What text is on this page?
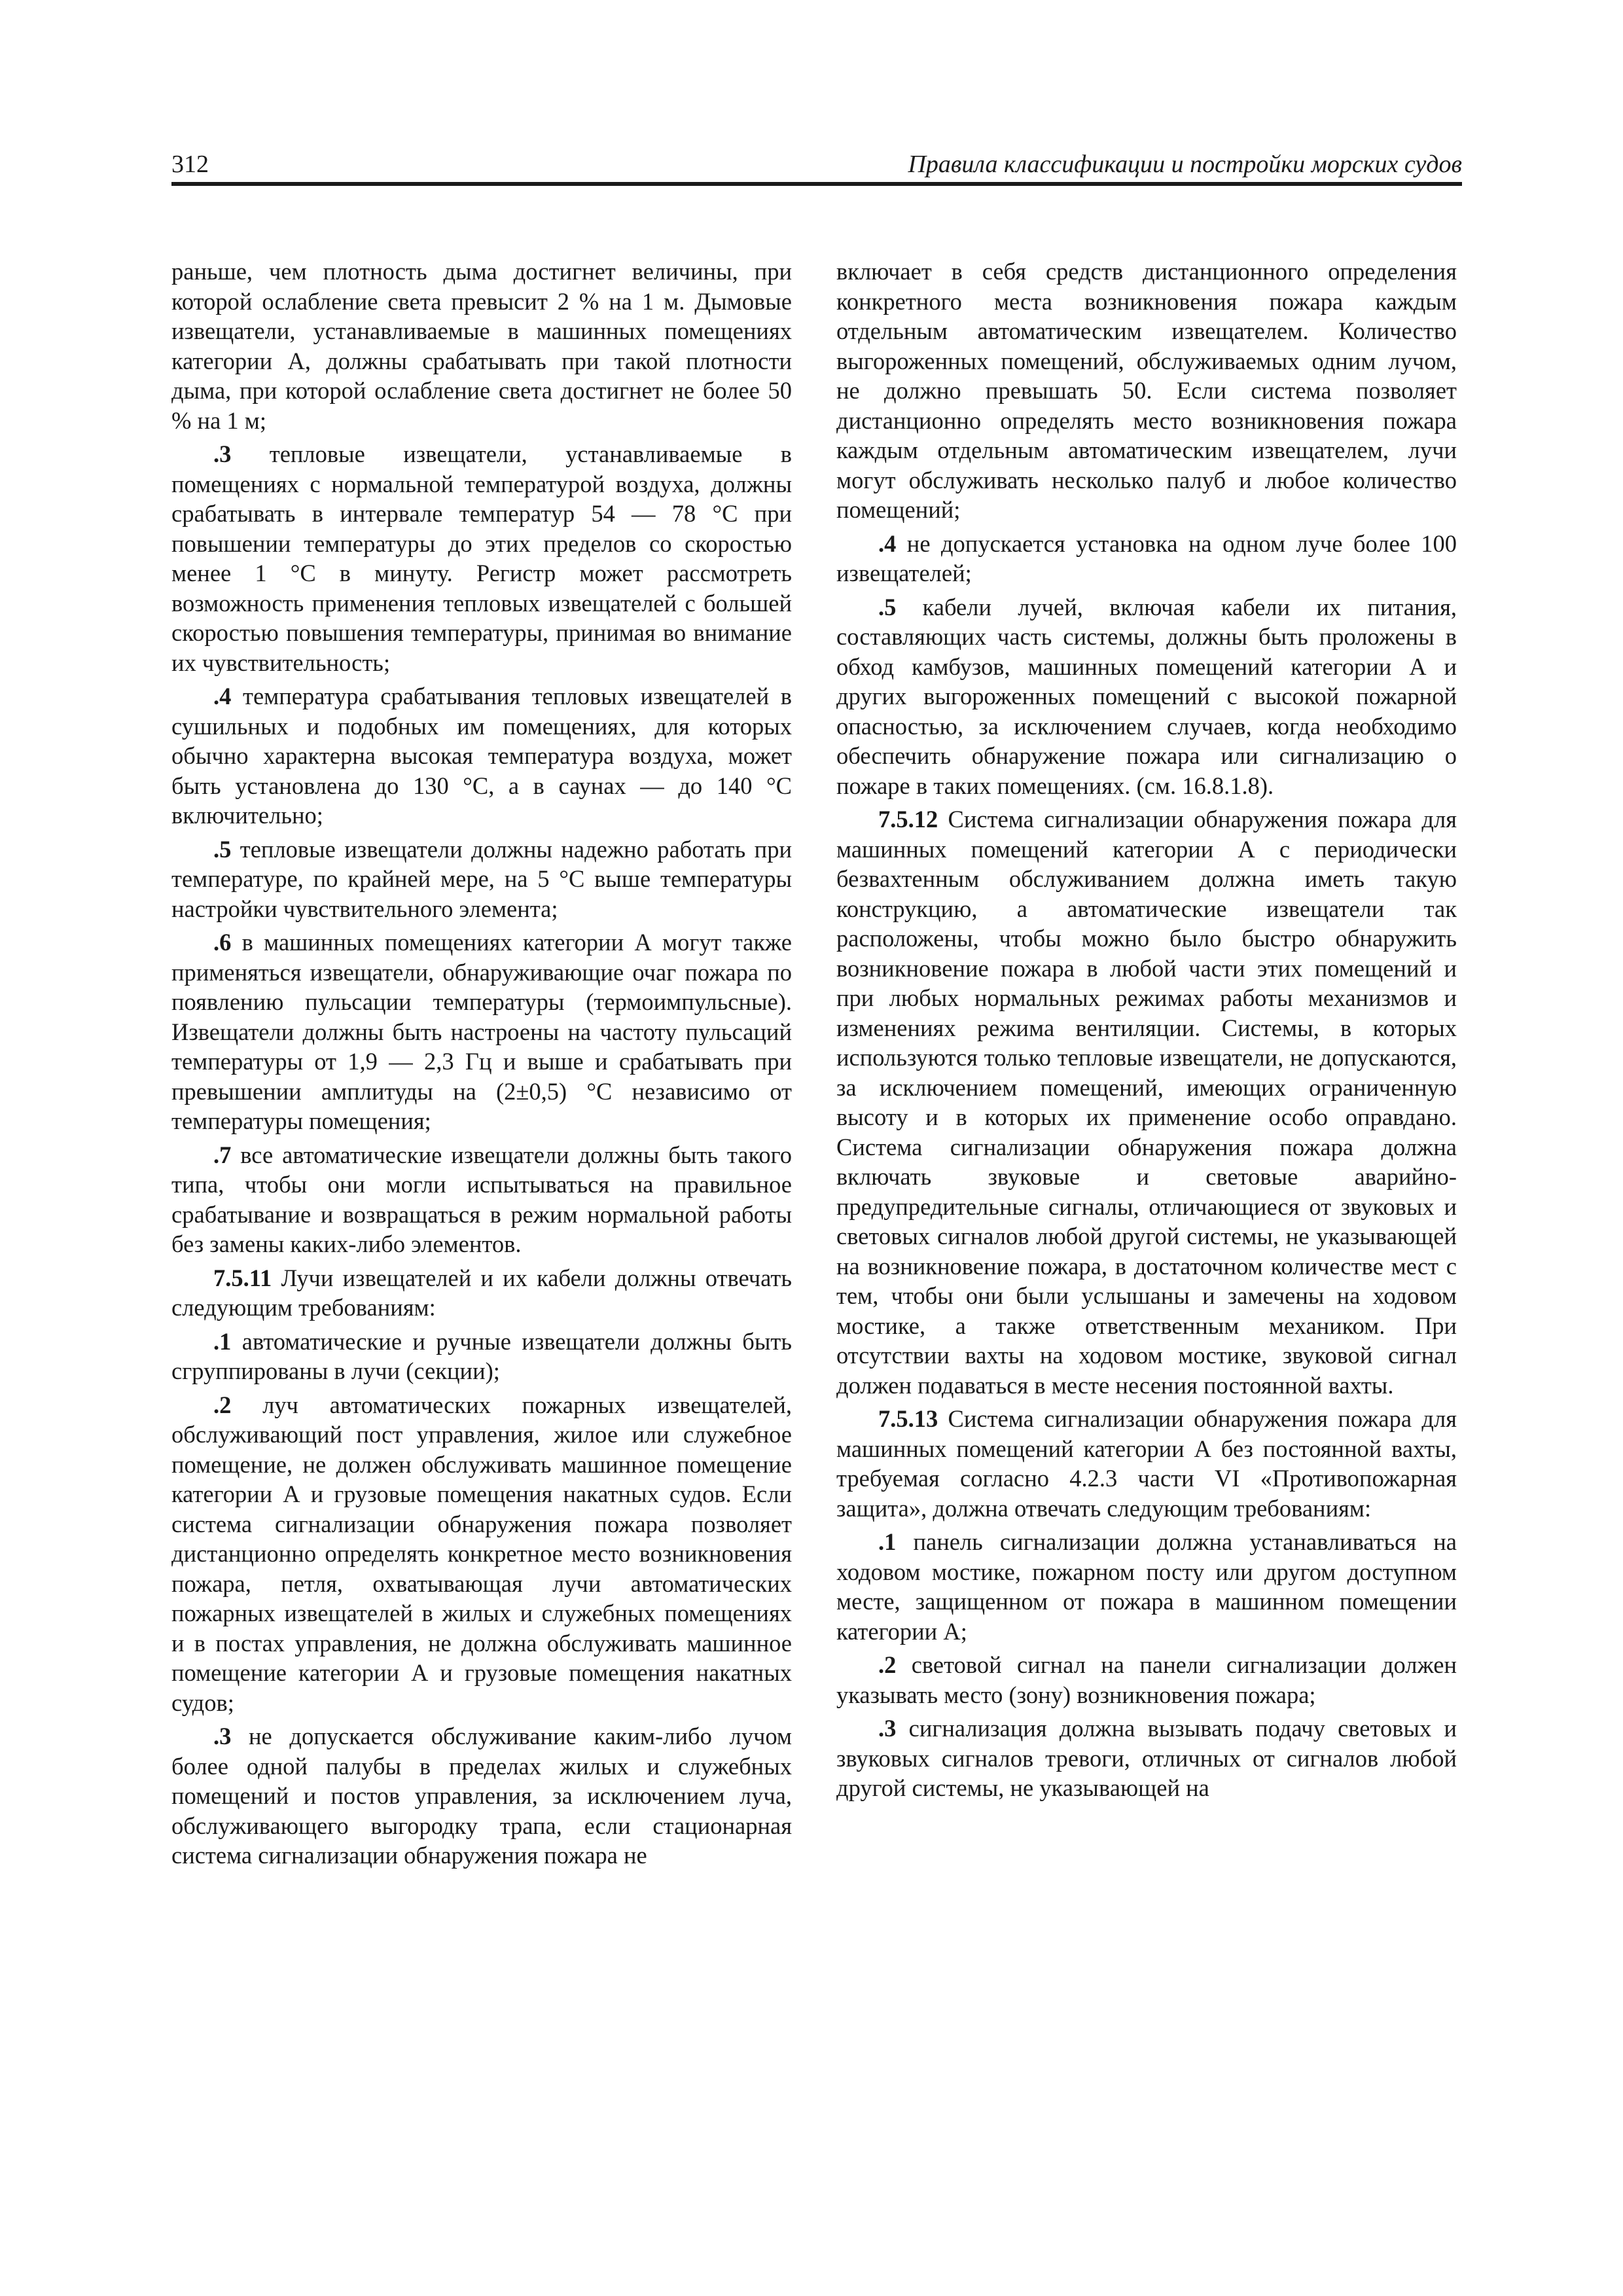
312	Правила классификации и постройки морских судов

раньше, чем плотность дыма достигнет величины, при которой ослабление света превысит 2 % на 1 м. Дымовые извещатели, устанавливаемые в машинных помещениях категории А, должны срабатывать при такой плотности дыма, при которой ослабление света достигнет не более 50 % на 1 м;

.3 тепловые извещатели, устанавливаемые в помещениях с нормальной температурой воздуха, должны срабатывать в интервале температур 54 — 78 °С при повышении температуры до этих пределов со скоростью менее 1 °С в минуту. Регистр может рассмотреть возможность применения тепловых извещателей с большей скоростью повышения температуры, принимая во внимание их чувствительность;

.4 температура срабатывания тепловых извещателей в сушильных и подобных им помещениях, для которых обычно характерна высокая температура воздуха, может быть установлена до 130 °С, а в саунах — до 140 °С включительно;

.5 тепловые извещатели должны надежно работать при температуре, по крайней мере, на 5 °С выше температуры настройки чувствительного элемента;

.6 в машинных помещениях категории А могут также применяться извещатели, обнаруживающие очаг пожара по появлению пульсации температуры (термоимпульсные). Извещатели должны быть настроены на частоту пульсаций температуры от 1,9 — 2,3 Гц и выше и срабатывать при превышении амплитуды на (2±0,5) °С независимо от температуры помещения;

.7 все автоматические извещатели должны быть такого типа, чтобы они могли испытываться на правильное срабатывание и возвращаться в режим нормальной работы без замены каких-либо элементов.

7.5.11 Лучи извещателей и их кабели должны отвечать следующим требованиям:

.1 автоматические и ручные извещатели должны быть сгруппированы в лучи (секции);

.2 луч автоматических пожарных извещателей, обслуживающий пост управления, жилое или служебное помещение, не должен обслуживать машинное помещение категории А и грузовые помещения накатных судов. Если система сигнализации обнаружения пожара позволяет дистанционно определять конкретное место возникновения пожара, петля, охватывающая лучи автоматических пожарных извещателей в жилых и служебных помещениях и в постах управления, не должна обслуживать машинное помещение категории А и грузовые помещения накатных судов;

.3 не допускается обслуживание каким-либо лучом более одной палубы в пределах жилых и служебных помещений и постов управления, за исключением луча, обслуживающего выгородку трапа, если стационарная система сигнализации обнаружения пожара не

включает в себя средств дистанционного определения конкретного места возникновения пожара каждым отдельным автоматическим извещателем. Количество выгороженных помещений, обслуживаемых одним лучом, не должно превышать 50. Если система позволяет дистанционно определять место возникновения пожара каждым отдельным автоматическим извещателем, лучи могут обслуживать несколько палуб и любое количество помещений;

.4 не допускается установка на одном луче более 100 извещателей;

.5 кабели лучей, включая кабели их питания, составляющих часть системы, должны быть проложены в обход камбузов, машинных помещений категории А и других выгороженных помещений с высокой пожарной опасностью, за исключением случаев, когда необходимо обеспечить обнаружение пожара или сигнализацию о пожаре в таких помещениях. (см. 16.8.1.8).

7.5.12 Система сигнализации обнаружения пожара для машинных помещений категории А с периодически безвахтенным обслуживанием должна иметь такую конструкцию, а автоматические извещатели так расположены, чтобы можно было быстро обнаружить возникновение пожара в любой части этих помещений и при любых нормальных режимах работы механизмов и изменениях режима вентиляции. Системы, в которых используются только тепловые извещатели, не допускаются, за исключением помещений, имеющих ограниченную высоту и в которых их применение особо оправдано. Система сигнализации обнаружения пожара должна включать звуковые и световые аварийно-предупредительные сигналы, отличающиеся от звуковых и световых сигналов любой другой системы, не указывающей на возникновение пожара, в достаточном количестве мест с тем, чтобы они были услышаны и замечены на ходовом мостике, а также ответственным механиком. При отсутствии вахты на ходовом мостике, звуковой сигнал должен подаваться в месте несения постоянной вахты.

7.5.13 Система сигнализации обнаружения пожара для машинных помещений категории А без постоянной вахты, требуемая согласно 4.2.3 части VI «Противопожарная защита», должна отвечать следующим требованиям:

.1 панель сигнализации должна устанавливаться на ходовом мостике, пожарном посту или другом доступном месте, защищенном от пожара в машинном помещении категории А;

.2 световой сигнал на панели сигнализации должен указывать место (зону) возникновения пожара;

.3 сигнализация должна вызывать подачу световых и звуковых сигналов тревоги, отличных от сигналов любой другой системы, не указывающей на
